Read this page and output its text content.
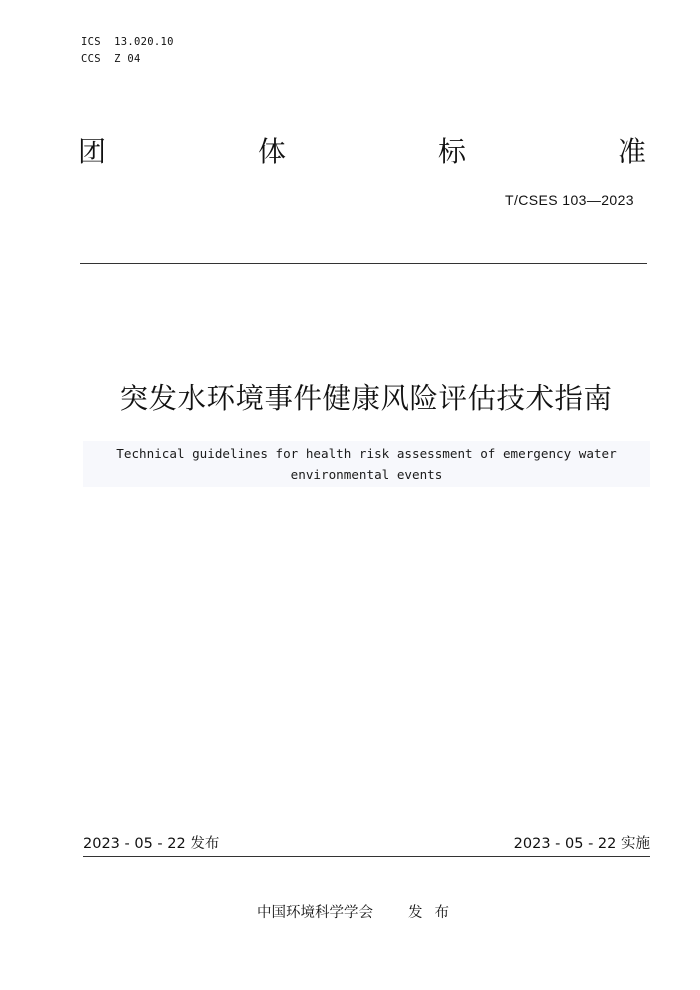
ICS  13.020.10
CCS  Z 04
团	体	标	准
T/CSES 103—2023
突发水环境事件健康风险评估技术指南
Technical guidelines for health risk assessment of emergency water
environmental events
2023 - 05 - 22 发布	2023 - 05 - 22 实施
中国环境科学学会 发布
